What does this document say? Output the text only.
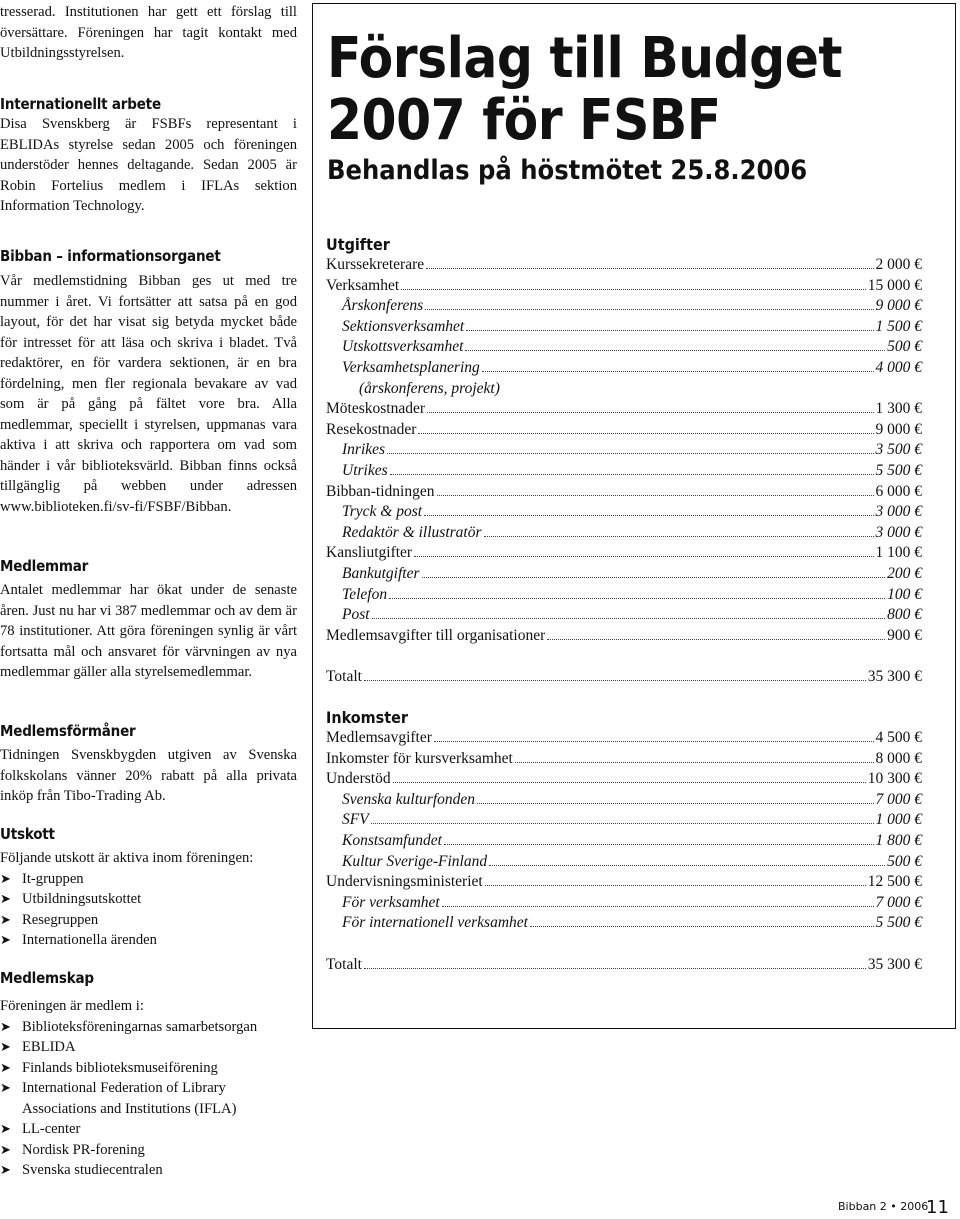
tresserad. Institutionen har gett ett förslag till översättare. Föreningen har tagit kontakt med Utbildningsstyrelsen.

Internationellt arbete

Disa Svenskberg är FSBFs representant i EBLIDAs styrelse sedan 2005 och föreningen understöder hennes deltagande. Sedan 2005 är Robin Fortelius medlem i IFLAs sektion Information Technology.

Bibban – informationsorganet

Vår medlemstidning Bibban ges ut med tre nummer i året. Vi fortsätter att satsa på en god layout, för det har visat sig betyda mycket både för intresset för att läsa och skriva i bladet. Två redaktörer, en för vardera sektionen, är en bra fördelning, men fler regionala bevakare av vad som är på gång på fältet vore bra. Alla medlemmar, speciellt i styrelsen, uppmanas vara aktiva i att skriva och rapportera om vad som händer i vår biblioteksvärld. Bibban finns också tillgänglig på webben under adressen www.biblioteken.fi/sv-fi/FSBF/Bibban.

Medlemmar

Antalet medlemmar har ökat under de senaste åren. Just nu har vi 387 medlemmar och av dem är 78 institutioner. Att göra föreningen synlig är vårt fortsatta mål och ansvaret för värvningen av nya medlemmar gäller alla styrelsemedlemmar.

Medlemsförmåner

Tidningen Svenskbygden utgiven av Svenska folkskolans vänner 20% rabatt på alla privata inköp från Tibo-Trading Ab.

Utskott

Följande utskott är aktiva inom föreningen:

➤ It-gruppen
➤ Utbildningsutskottet
➤ Resegruppen
➤ Internationella ärenden
Medlemskap

Föreningen är medlem i:

➤ Biblioteksföreningarnas samarbetsorgan
➤ EBLIDA
➤ Finlands biblioteksmuseiförening
➤ International Federation of Library Associations and Institutions (IFLA)
➤ LL-center
➤ Nordisk PR-forening
➤ Svenska studiecentralen
Förslag till Budget
2007 för FSBF
Behandlas på höstmötet 25.8.2006
Utgifter
Kurssekreterare	2 000 €
Verksamhet	15 000 €
Årskonferens	9 000 €
Sektionsverksamhet	1 500 €
Utskottsverksamhet	500 €
Verksamhetsplanering	4 000 €
(årskonferens, projekt)
Möteskostnader	1 300 €
Resekostnader	9 000 €
Inrikes	3 500 €
Utrikes	5 500 €
Bibban-tidningen	6 000 €
Tryck & post	3 000 €
Redaktör & illustratör	3 000 €
Kansliutgifter	1 100 €
Bankutgifter	200 €
Telefon	100 €
Post	800 €
Medlemsavgifter till organisationer	900 €
Totalt	35 300 €
Inkomster
Medlemsavgifter	4 500 €
Inkomster för kursverksamhet	8 000 €
Understöd	10 300 €
Svenska kulturfonden	7 000 €
SFV	1 000 €
Konstsamfundet	1 800 €
Kultur Sverige-Finland	500 €
Undervisningsministeriet	12 500 €
För verksamhet	7 000 €
För internationell verksamhet	5 500 €
Totalt	35 300 €
Bibban 2 • 2006
11
